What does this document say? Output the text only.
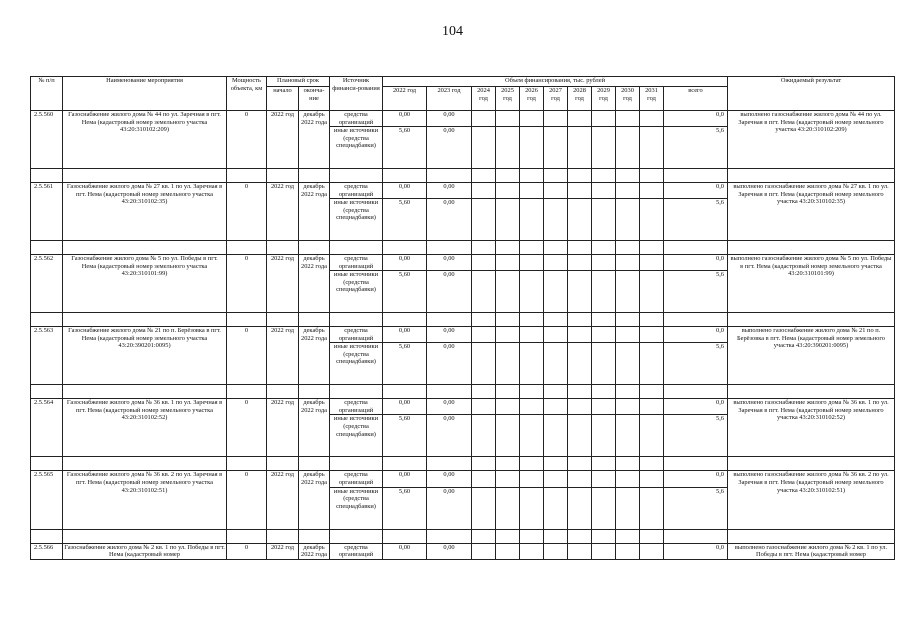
104
№ п/п	Наименование мероприятия	Мощность объекта, км	Плановый срок		Источник финанси-рования	Объем финансирования, тыс. рублей											Ожидаемый результат
			начало	оконча-ние		2022 год	2023 год	2024 год	2025 год	2026 год	2027 год	2028 год	2029 год	2030 год	2031 год	всего	
2.5.560	Газоснабжение жилого дома № 44 по ул. Заречная в пгт. Нема (кадастровый номер земельного участка 43:20:310102:209)	0	2022 год	декабрь 2022 года	средства организаций	0,00	0,00									0,0	выполнено газоснабжение жилого дома № 44 по ул. Заречная в пгт. Нема (кадастровый номер земельного участка 43:20:310102:209)
					иные источники (средства спецнадбавки)	5,60	0,00									5,6	

2.5.561	Газоснабжение жилого дома № 27 кв. 1 по ул. Заречная в пгт. Нема (кадастровый номер земельного участка 43:20:310102:35)	0	2022 год	декабрь 2022 года	средства организаций	0,00	0,00									0,0	выполнено газоснабжение жилого дома № 27 кв. 1 по ул. Заречная в пгт. Нема (кадастровый номер земельного участка 43:20:310102:35)
					иные источники (средства спецнадбавки)	5,60	0,00									5,6	

2.5.562	Газоснабжение жилого дома № 5 по ул. Победы в пгт. Нема (кадастровый номер земельного участка 43:20:310101:99)	0	2022 год	декабрь 2022 года	средства организаций	0,00	0,00									0,0	выполнено газоснабжение жилого дома № 5 по ул. Победы в пгт. Нема (кадастровый номер земельного участка 43:20:310101:99)
					иные источники (средства спецнадбавки)	5,60	0,00									5,6	

2.5.563	Газоснабжение жилого дома № 21 по п. Берёзовка в пгт. Нема (кадастровый номер земельного участка 43:20:390201:0095)	0	2022 год	декабрь 2022 года	средства организаций	0,00	0,00									0,0	выполнено газоснабжение жилого дома № 21 по п. Берёзовка в пгт. Нема (кадастровый номер земельного участка 43:20:390201:0095)
					иные источники (средства спецнадбавки)	5,60	0,00									5,6	

2.5.564	Газоснабжение жилого дома № 36 кв. 1 по ул. Заречная в пгт. Нема (кадастровый номер земельного участка 43:20:310102:52)	0	2022 год	декабрь 2022 года	средства организаций	0,00	0,00									0,0	выполнено газоснабжение жилого дома № 36 кв. 1 по ул. Заречная в пгт. Нема (кадастровый номер земельного участка 43:20:310102:52)
					иные источники (средства спецнадбавки)	5,60	0,00									5,6	

2.5.565	Газоснабжение жилого дома № 36 кв. 2 по ул. Заречная в пгт. Нема (кадастровый номер земельного участка 43:20:310102:51)	0	2022 год	декабрь 2022 года	средства организаций	0,00	0,00									0,0	выполнено газоснабжение жилого дома № 36 кв. 2 по ул. Заречная в пгт. Нема (кадастровый номер земельного участка 43:20:310102:51)
					иные источники (средства спецнадбавки)	5,60	0,00									5,6	

2.5.566	Газоснабжение жилого дома № 2 кв. 1 по ул. Победы в пгт. Нема (кадастровый номер	0	2022 год	декабрь 2022 года	средства организаций	0,00	0,00									0,0	выполнено газоснабжение жилого дома № 2 кв. 1 по ул. Победы в пгт. Нема (кадастровый номер
